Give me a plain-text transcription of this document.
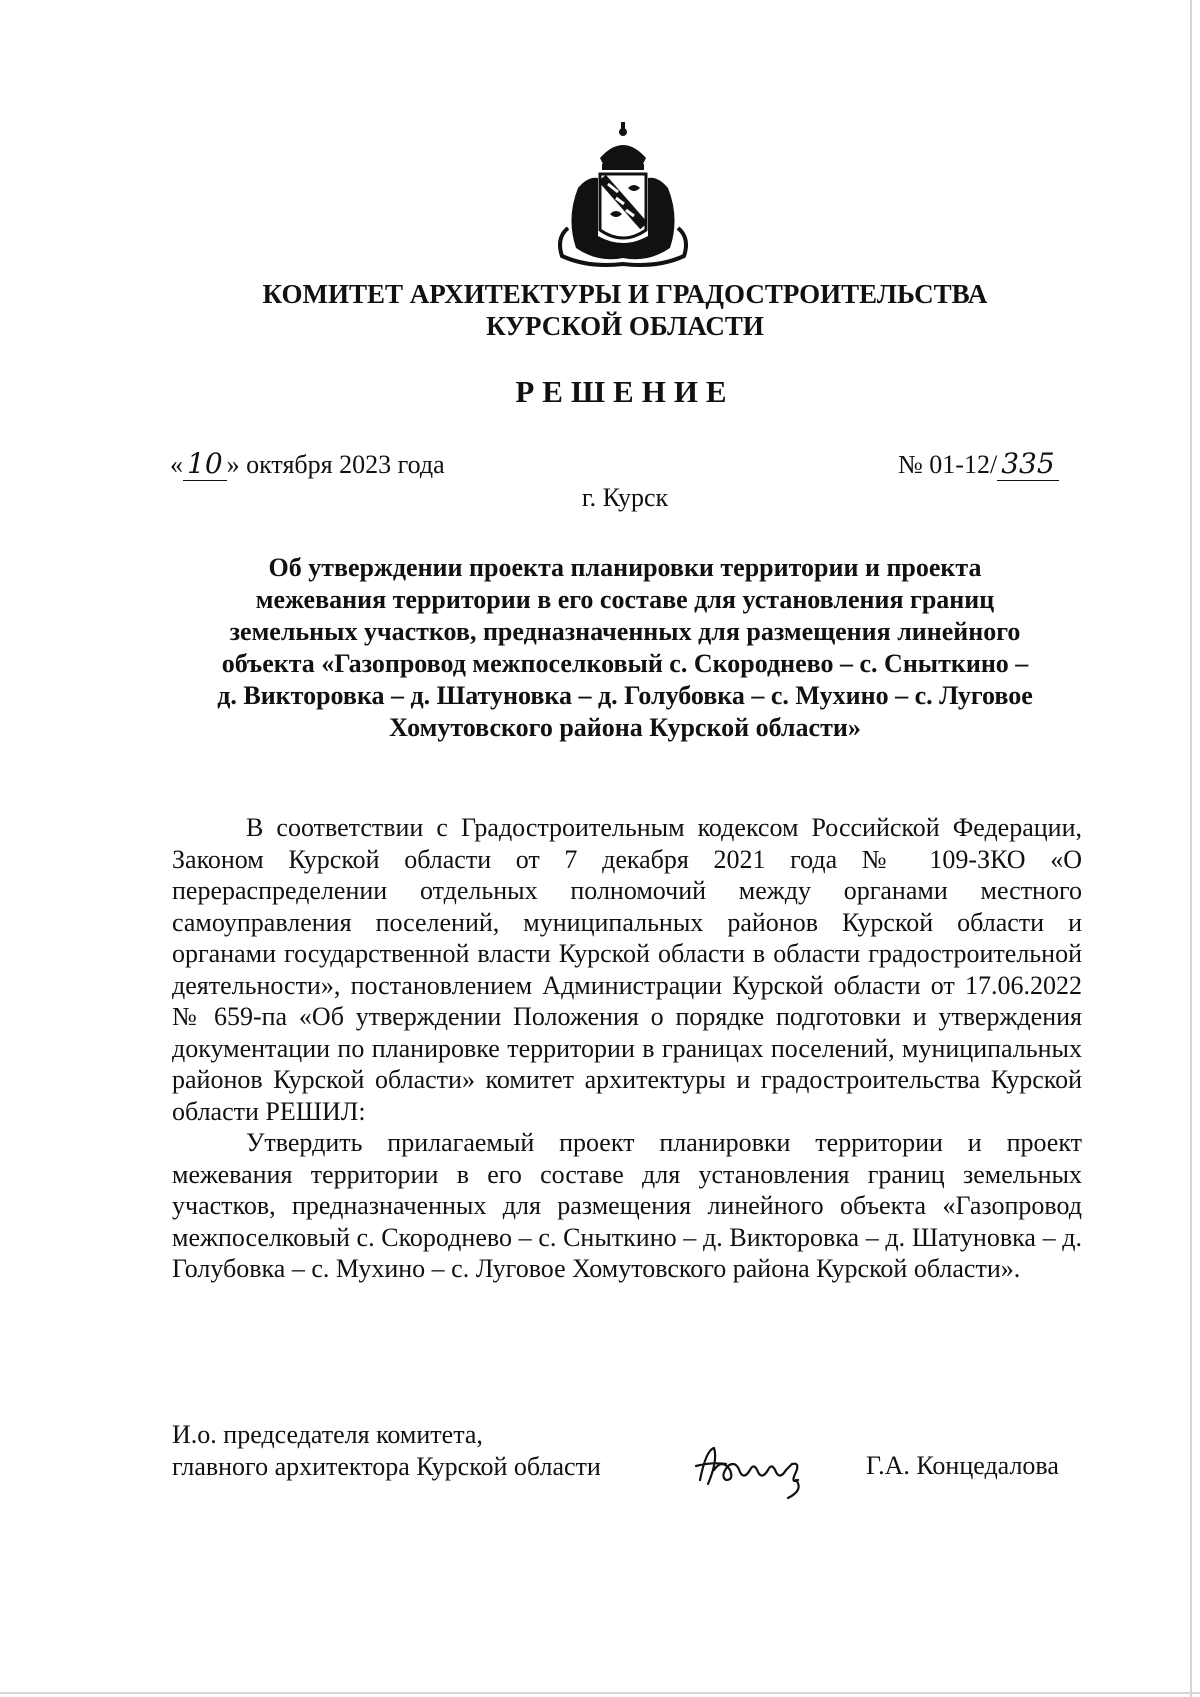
КОМИТЕТ АРХИТЕКТУРЫ И ГРАДОСТРОИТЕЛЬСТВА
КУРСКОЙ ОБЛАСТИ
РЕШЕНИЕ
« 10 » октября 2023 года	№ 01-12/ 335
г. Курск
Об утверждении проекта планировки территории и проекта
межевания территории в его составе для установления границ
земельных участков, предназначенных для размещения линейного
объекта «Газопровод межпоселковый с. Скороднево – с. Сныткино –
д. Викторовка – д. Шатуновка – д. Голубовка – с. Мухино – с. Луговое
Хомутовского района Курской области»
В соответствии с Градостроительным кодексом Российской Федерации, Законом Курской области от 7 декабря 2021 года № 109-ЗКО «О перераспределении отдельных полномочий между органами местного самоуправления поселений, муниципальных районов Курской области и органами государственной власти Курской области в области градостроительной деятельности», постановлением Администрации Курской области от 17.06.2022 № 659-па «Об утверждении Положения о порядке подготовки и утверждения документации по планировке территории в границах поселений, муниципальных районов Курской области» комитет архитектуры и градостроительства Курской области РЕШИЛ:
Утвердить прилагаемый проект планировки территории и проект межевания территории в его составе для установления границ земельных участков, предназначенных для размещения линейного объекта «Газопровод межпоселковый с. Скороднево – с. Сныткино – д. Викторовка – д. Шатуновка – д. Голубовка – с. Мухино – с. Луговое Хомутовского района Курской области».
И.о. председателя комитета,
главного архитектора Курской области	Г.А. Концедалова
